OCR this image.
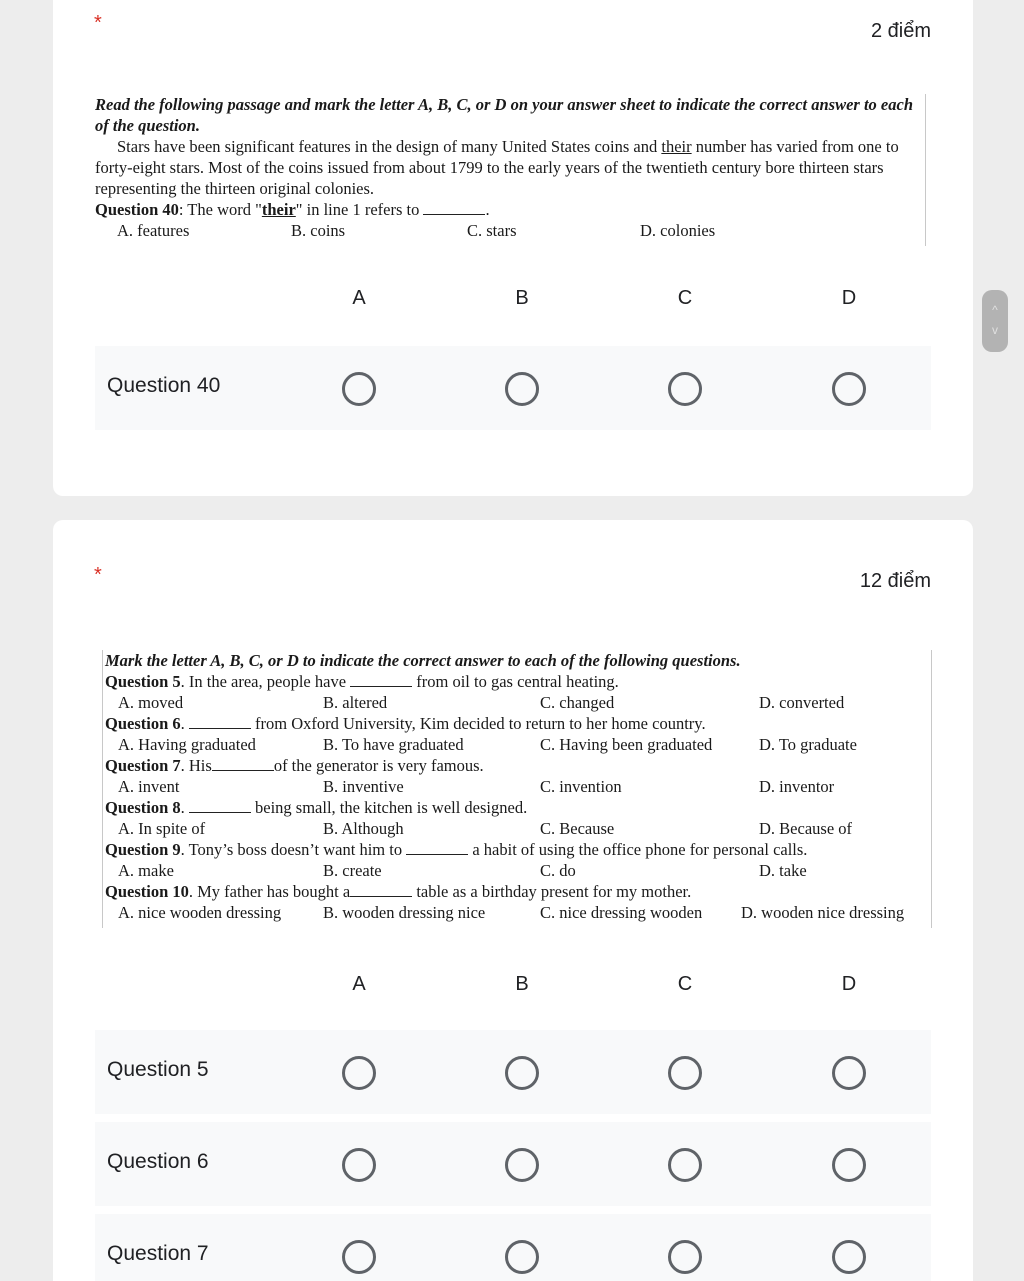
*	2 điểm
Read the following passage and mark the letter A, B, C, or D on your answer sheet to indicate the correct answer to each of the question.
Stars have been significant features in the design of many United States coins and their number has varied from one to forty-eight stars. Most of the coins issued from about 1799 to the early years of the twentieth century bore thirteen stars representing the thirteen original colonies.
Question 40: The word "their" in line 1 refers to	.
A. features	B. coins	C. stars	D. colonies
A	B	C	D
Question 40
*	12 điểm
Mark the letter A, B, C, or D to indicate the correct answer to each of the following questions.
Question 5. In the area, people have	from oil to gas central heating.
A. moved	B. altered	C. changed	D. converted
Question 6.	from Oxford University, Kim decided to return to her home country.
A. Having graduated	B. To have graduated	C. Having been graduated	D. To graduate
Question 7. His	of the generator is very famous.
A. invent	B. inventive	C. invention	D. inventor
Question 8.	being small, the kitchen is well designed.
A. In spite of	B. Although	C. Because	D. Because of
Question 9. Tony’s boss doesn’t want him to	a habit of using the office phone for personal calls.
A. make	B. create	C. do	D. take
Question 10. My father has bought a	table as a birthday present for my mother.
A. nice wooden dressing	B. wooden dressing nice	C. nice dressing wooden D. wooden nice dressing
A	B	C	D
Question 5
Question 6
Question 7
^
v
